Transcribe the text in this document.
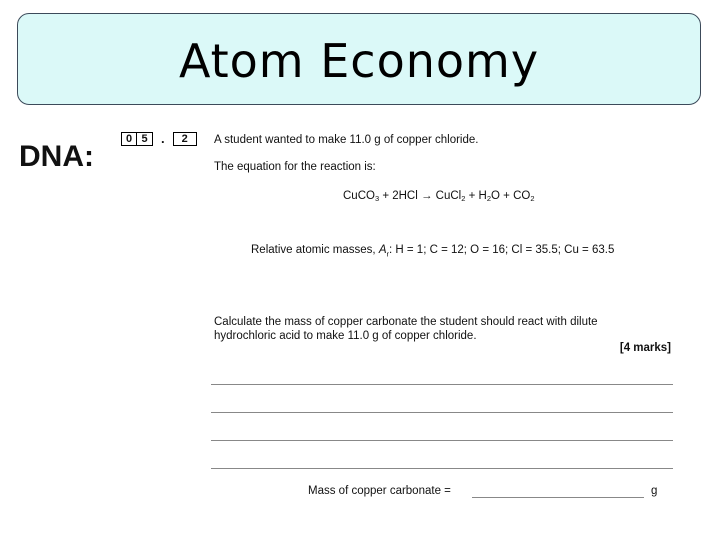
Atom Economy
DNA:
0 5	.	2	A student wanted to make 11.0 g of copper chloride.
The equation for the reaction is:
CuCO$_3$ + 2HCl → CuCl$_2$ + $H_2O + CO_2$
Relative atomic masses, $A_r$: H = 1; C = 12; O = 16; Cl = 35.5; Cu = 63.5
Calculate the mass of copper carbonate the student should react with dilute
hydrochloric acid to make 11.0 g of copper chloride.
[4 marks]
Mass of copper carbonate =	g
